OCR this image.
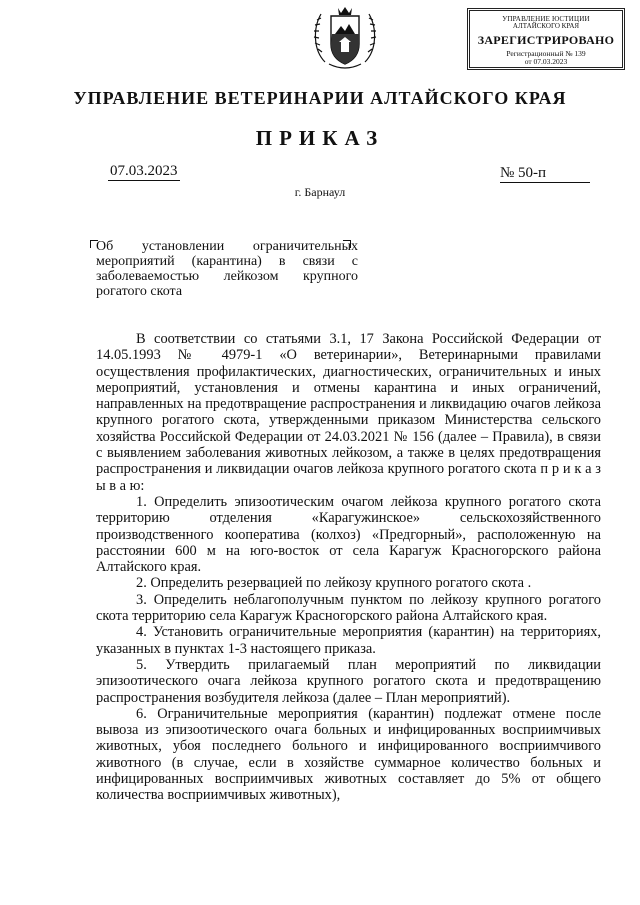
УПРАВЛЕНИЕ ЮСТИЦИИ
АЛТАЙСКОГО КРАЯ
ЗАРЕГИСТРИРОВАНО
Регистрационный № 139
от 07.03.2023
УПРАВЛЕНИЕ ВЕТЕРИНАРИИ АЛТАЙСКОГО КРАЯ
ПРИКАЗ
07.03.2023	№ 50-п
г. Барнаул
Об установлении ограничительных мероприятий (карантина) в связи с заболеваемостью лейкозом крупного рогатого скота

В соответствии со статьями 3.1, 17 Закона Российской Федерации от 14.05.1993 № 4979-1 «О ветеринарии», Ветеринарными правилами осуществления профилактических, диагностических, ограничительных и иных мероприятий, установления и отмены карантина и иных ограничений, направленных на предотвращение распространения и ликвидацию очагов лейкоза крупного рогатого скота, утвержденными приказом Министерства сельского хозяйства Российской Федерации от 24.03.2021 № 156 (далее – Правила), в связи с выявлением заболевания животных лейкозом, а также в целях предотвращения распространения и ликвидации очагов лейкоза крупного рогатого скота п р и к а з ы в а ю:

1. Определить эпизоотическим очагом лейкоза крупного рогатого скота территорию отделения «Карагужинское» сельскохозяйственного производственного кооператива (колхоз) «Предгорный», расположенную на расстоянии 600 м на юго-восток от села Карагуж Красногорского района Алтайского края.

2. Определить резервацией по лейкозу крупного рогатого скота .

3. Определить неблагополучным пунктом по лейкозу крупного рогатого скота территорию села Карагуж Красногорского района Алтайского края.

4. Установить ограничительные мероприятия (карантин) на территориях, указанных в пунктах 1-3 настоящего приказа.

5. Утвердить прилагаемый план мероприятий по ликвидации эпизоотического очага лейкоза крупного рогатого скота и предотвращению распространения возбудителя лейкоза (далее – План мероприятий).

6. Ограничительные мероприятия (карантин) подлежат отмене после вывоза из эпизоотического очага больных и инфицированных восприимчивых животных, убоя последнего больного и инфицированного восприимчивого животного (в случае, если в хозяйстве суммарное количество больных и инфицированных восприимчивых животных составляет до 5% от общего количества восприимчивых животных),
